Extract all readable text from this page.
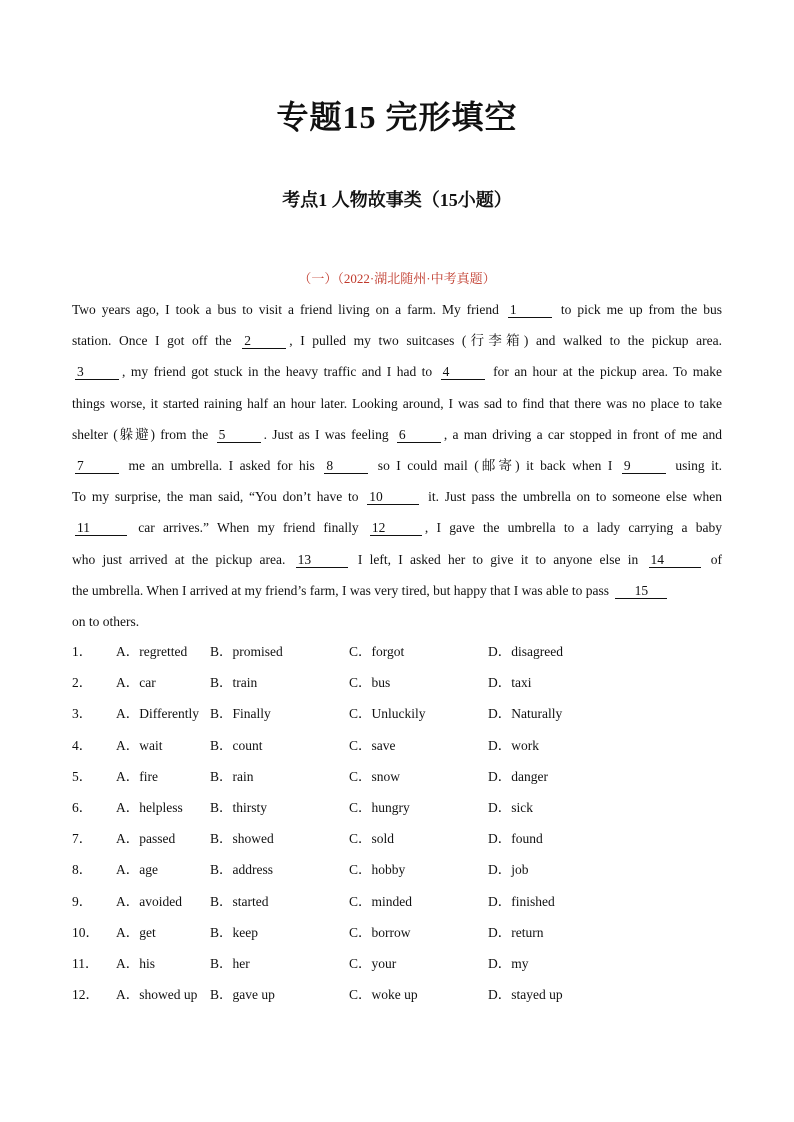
专题15 完形填空
考点1 人物故事类（15小题）
（一）（2022·湖北随州·中考真题）
Two years ago, I took a bus to visit a friend living on a farm. My friend 1	to pick me up from the bus
station. Once I got off the 2	, I pulled my two suitcases (行李箱) and walked to the pickup area.
3	, my friend got stuck in the heavy traffic and I had to 4	for an hour at the pickup area. To make
things worse, it started raining half an hour later. Looking around, I was sad to find that there was no place to take
shelter (躲避) from the 5	. Just as I was feeling 6	, a man driving a car stopped in front of me and
7	me an umbrella. I asked for his 8	so I could mail (邮寄) it back when I 9	using it.
To my surprise, the man said, “You don’t have to 10	it. Just pass the umbrella on to someone else when
11	car arrives.” When my friend finally 12	, I gave the umbrella to a lady carrying a baby
who just arrived at the pickup area. 13	I left, I asked her to give it to anyone else in 14	of
the umbrella. When I arrived at my friend’s farm, I was very tired, but happy that I was able to pass 15
on to others.
1． A．regretted B．promised	C．forgot	D．disagreed
2． A．car	B．train	C．bus	D．taxi
3． A．Differently B．Finally	C．Unluckily	D．Naturally
4． A．wait	B．count	C．save	D．work
5． A．fire	B．rain	C．snow	D．danger
6． A．helpless B．thirsty	C．hungry	D．sick
7． A．passed	B．showed	C．sold	D．found
8． A．age	B．address	C．hobby	D．job
9． A．avoided B．started	C．minded	D．finished
10． A．get	B．keep	C．borrow	D．return
11． A．his	B．her	C．your	D．my
12． A．showed up B．gave up	C．woke up	D．stayed up
